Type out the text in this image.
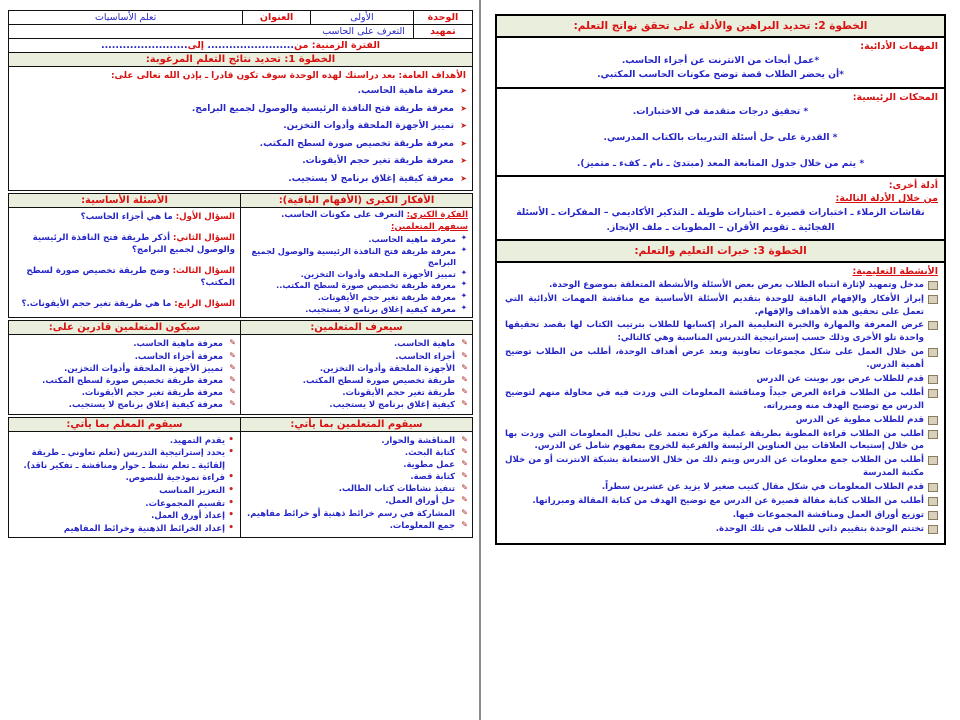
الخطوة 2: تحديد البراهين والأدلة على تحقق نواتج التعلم:
المهمات الأدائية:
*عمل أبحاث من الانترنت عن أجزاء الحاسب.
*أن يحضر الطلاب قصة توضح مكونات الحاسب المكتبي.
المحكات الرئيسية:
* تحقيق درجات متقدمة في الاختبارات.
* القدرة على حل أسئلة التدريبات بالكتاب المدرسي.
* يتم من خلال جدول المتابعة المعد (مبتدئ ـ نام ـ كفء ـ متميز).
أدلة أخرى:
من خلال الأدلة التالية:
نقاشات الزملاء ـ اختبارات قصيرة ـ اختبارات طويلة ـ التذكير الأكاديمي – المفكرات ـ الأسئلة
الفجائية ـ تقويم الأقران – المطويات ـ ملف الإنجاز.
الخطوة 3: خبرات التعليم والتعلم:
الأنشطة التعليمية:
مدخل وتمهيد لإثارة انتباه الطلاب بعرض بعض الأسئلة والأنشطة المتعلقة بموضوع الوحدة.
إبراز الأفكار والإفهام الباقية للوحدة بتقديم الأسئلة الأساسية مع مناقشة المهمات الأدائية التي تعمل على تحقيق هذه الأهداف والإفهام.
عرض المعرفة والمهارة والخبرة التعليمية المراد إكسابها للطلاب بترتيب الكتاب لها بقصد تحقيقها واحدة تلو الأخرى وذلك حسب إستراتيجية التدريس المناسبة وهي كالتالي:
من خلال العمل على شكل مجموعات تعاونية وبعد عرض أهداف الوحدة، أطلب من الطلاب توضيح أهمية الدرس.
قدم للطلاب عرض بور بوينت عن الدرس
أطلب من الطلاب قراءة العرض جيداً ومناقشة المعلومات التي وردت فيه في محاولة منهم لتوضيح الدرس مع توضيح الهدف منه ومبرراته.
قدم للطلاب مطوية عن الدرس
اطلب من الطلاب قراءة المطوية بطريقة عملية مركزة تعتمد على تحليل المعلومات التي وردت بها من خلال إستيعاب العلاقات بين العناوين الرئيسة والفرعية للخروج بمفهوم شامل عن الدرس.
أطلب من الطلاب جمع معلومات عن الدرس ويتم ذلك من خلال الاستعانة بشبكة الانترنت أو من خلال مكتبة المدرسة
قدم الطلاب المعلومات في شكل مقال كتيب صغير لا يزيد عن عشرين سطراً.
أطلب من الطلاب كتابة مقالة قصيرة عن الدرس مع توضيح الهدف من كتابة المقالة ومبرراتها.
توزيع أوراق العمل ومناقشة المجموعات فيها.
تختتم الوحدة بتقييم ذاتي للطلاب في تلك الوحدة.
الوحدة	الأولى	العنوان	تعلم الأساسيات
تمهيد	التعرف على الحاسب		
الفترة الزمنية: من........................ إلى........................			
الخطوة 1: تحديد نتائج التعلم المرغوبة:			

الأهداف العامة: بعد دراستك لهذه الوحدة سوف تكون قادرا ـ بإذن الله تعالى على:
➤
معرفة ماهية الحاسب.
➤
معرفة طريقة فتح النافذة الرئيسية والوصول لجميع البرامج.
➤
تمييز الأجهزة الملحقة وأدوات التخزين.
➤
معرفة طريقة تخصيص صورة لسطح المكتب.
➤
معرفة طريقة تغير حجم الأيقونات.
➤
معرفة كيفية إغلاق برنامج لا يستجيب.
الأفكار الكبرى (الأفهام الباقية):	الأسئلة الأساسية:

الفكرة الكبرى: التعرف على مكونات الحاسب.
سيفهم المتعلمين:
✦
معرفة ماهية الحاسب.
✦
معرفة طريقة فتح النافذة الرئيسية والوصول لجميع البرامج
✦
تمييز الأجهزة الملحقة وأدوات التخزين.
✦
معرفة طريقة تخصيص صورة لسطح المكتب..
✦
معرفة طريقة تغير حجم الأيقونات.
✦
معرفة كيفية إغلاق برنامج لا يستجيب.

السؤال الأول: ما هي أجزاء الحاسب؟
السؤال الثاني: أذكر طريقة فتح النافذة الرئيسية والوصول لجميع البرامج؟
السؤال الثالث: وضح طريقة تخصيص صورة لسطح المكتب؟
السؤال الرابع: ما هي طريقة تغير حجم الأيقونات.؟
سيعرف المتعلمين:	سيكون المتعلمين قادرين على:

✎
ماهية الحاسب.
✎
أجزاء الحاسب.
✎
الأجهزة الملحقة وأدوات التخزين.
✎
طريقة تخصيص صورة لسطح المكتب.
✎
طريقة تغير حجم الأيقونات.
✎
كيفية إغلاق برنامج لا يستجيب.

✎
معرفة ماهية الحاسب.
✎
معرفة أجزاء الحاسب.
✎
تمييز الأجهزة الملحقة وأدوات التخزين.
✎
معرفة طريقة تخصيص صورة لسطح المكتب.
✎
معرفة طريقة تغير حجم الأيقونات.
✎
معرفة كيفية إغلاق برنامج لا يستجيب.
سيقوم المتعلمين بما يأتي:	سيقوم المعلم بما يأتي:

✎
المناقشة والحوار.
✎
كتابة البحث.
✎
عمل مطوية.
✎
كتابة قصة.
✎
تنفيذ نشاطات كتاب الطالب.
✎
حل أوراق العمل.
✎
المشاركة في رسم خرائط ذهنية أو خرائط مفاهيم.
✎
جمع المعلومات.

•
يقدم التمهيد.
•
يحدد إستراتيجية التدريس (تعلم تعاوني ـ طريقة إلقائية ـ تعلم نشط ـ حوار ومناقشة ـ تفكير ناقد).
•
قراءة نموذجية للنصوص.
•
التعزيز المناسب
•
تقسيم المجموعات.
•
إعداد أورق العمل.
•
إعداد الخرائط الذهنية وخرائط المفاهيم
